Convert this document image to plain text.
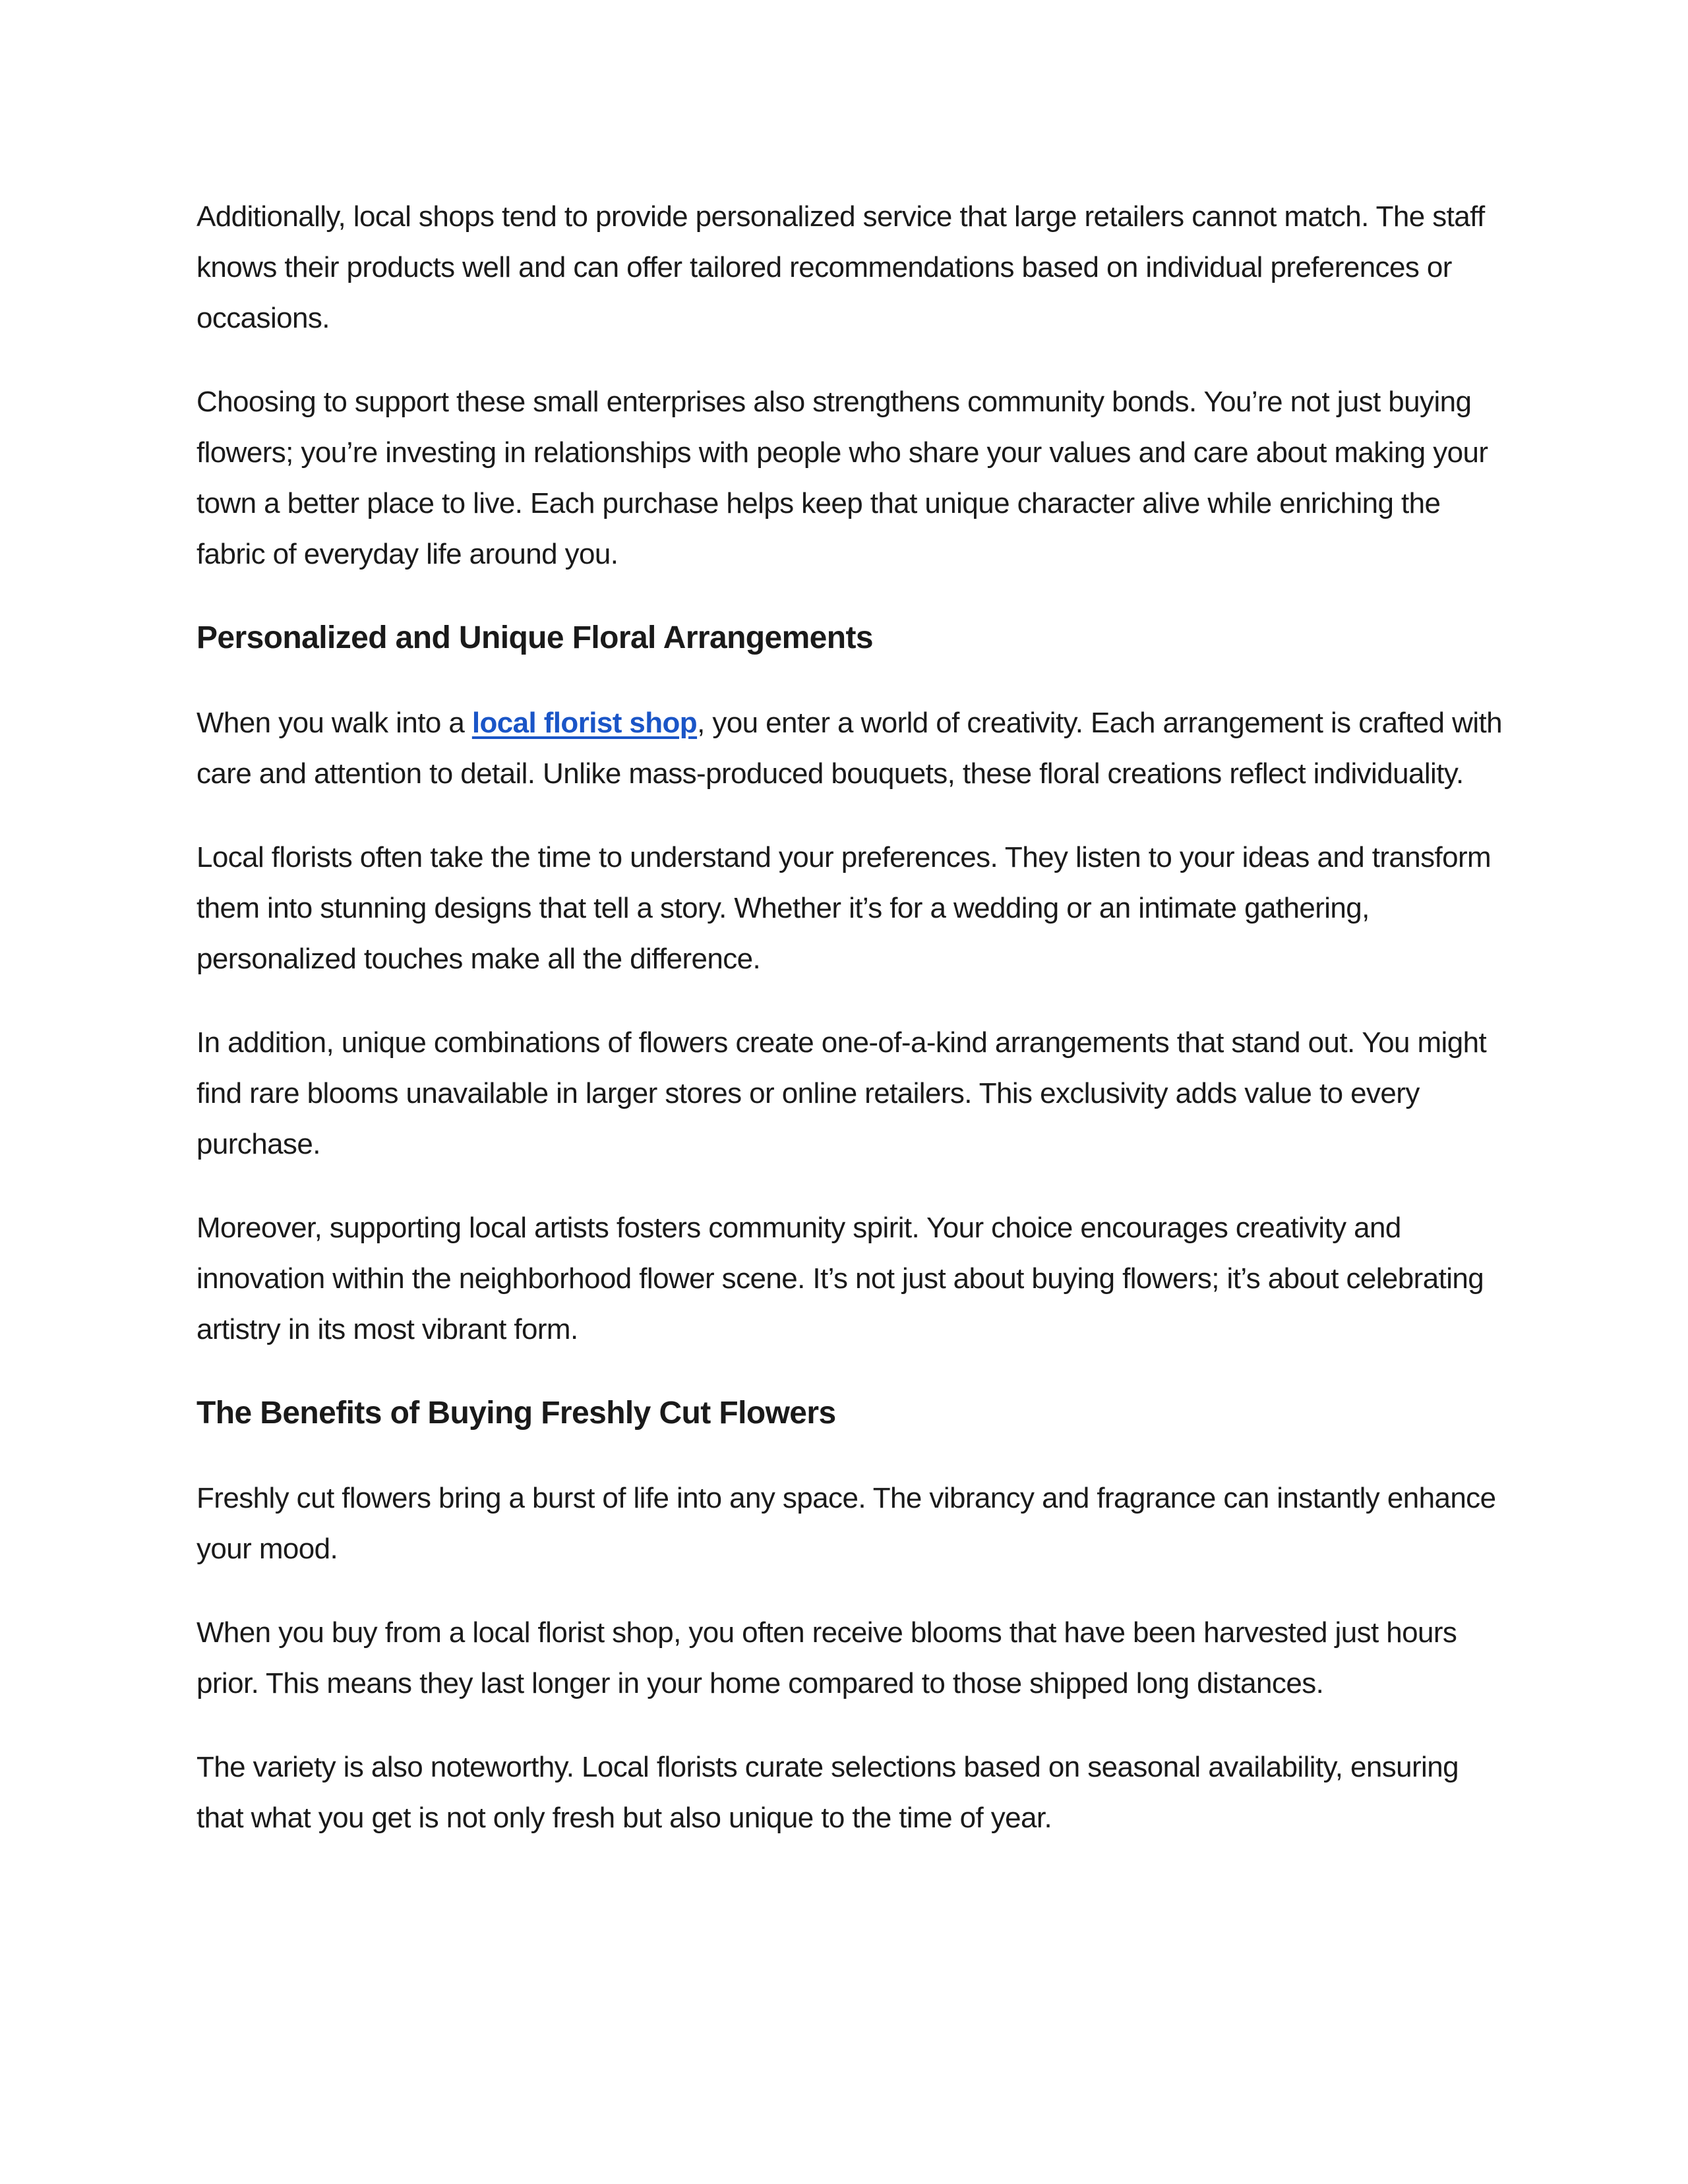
Additionally, local shops tend to provide personalized service that large retailers cannot match. The staff knows their products well and can offer tailored recommendations based on individual preferences or occasions.

Choosing to support these small enterprises also strengthens community bonds. You’re not just buying flowers; you’re investing in relationships with people who share your values and care about making your town a better place to live. Each purchase helps keep that unique character alive while enriching the fabric of everyday life around you.

Personalized and Unique Floral Arrangements

When you walk into a local florist shop, you enter a world of creativity. Each arrangement is crafted with care and attention to detail. Unlike mass-produced bouquets, these floral creations reflect individuality.

Local florists often take the time to understand your preferences. They listen to your ideas and transform them into stunning designs that tell a story. Whether it’s for a wedding or an intimate gathering, personalized touches make all the difference.

In addition, unique combinations of flowers create one-of-a-kind arrangements that stand out. You might find rare blooms unavailable in larger stores or online retailers. This exclusivity adds value to every purchase.

Moreover, supporting local artists fosters community spirit. Your choice encourages creativity and innovation within the neighborhood flower scene. It’s not just about buying flowers; it’s about celebrating artistry in its most vibrant form.

The Benefits of Buying Freshly Cut Flowers

Freshly cut flowers bring a burst of life into any space. The vibrancy and fragrance can instantly enhance your mood.

When you buy from a local florist shop, you often receive blooms that have been harvested just hours prior. This means they last longer in your home compared to those shipped long distances.

The variety is also noteworthy. Local florists curate selections based on seasonal availability, ensuring that what you get is not only fresh but also unique to the time of year.
